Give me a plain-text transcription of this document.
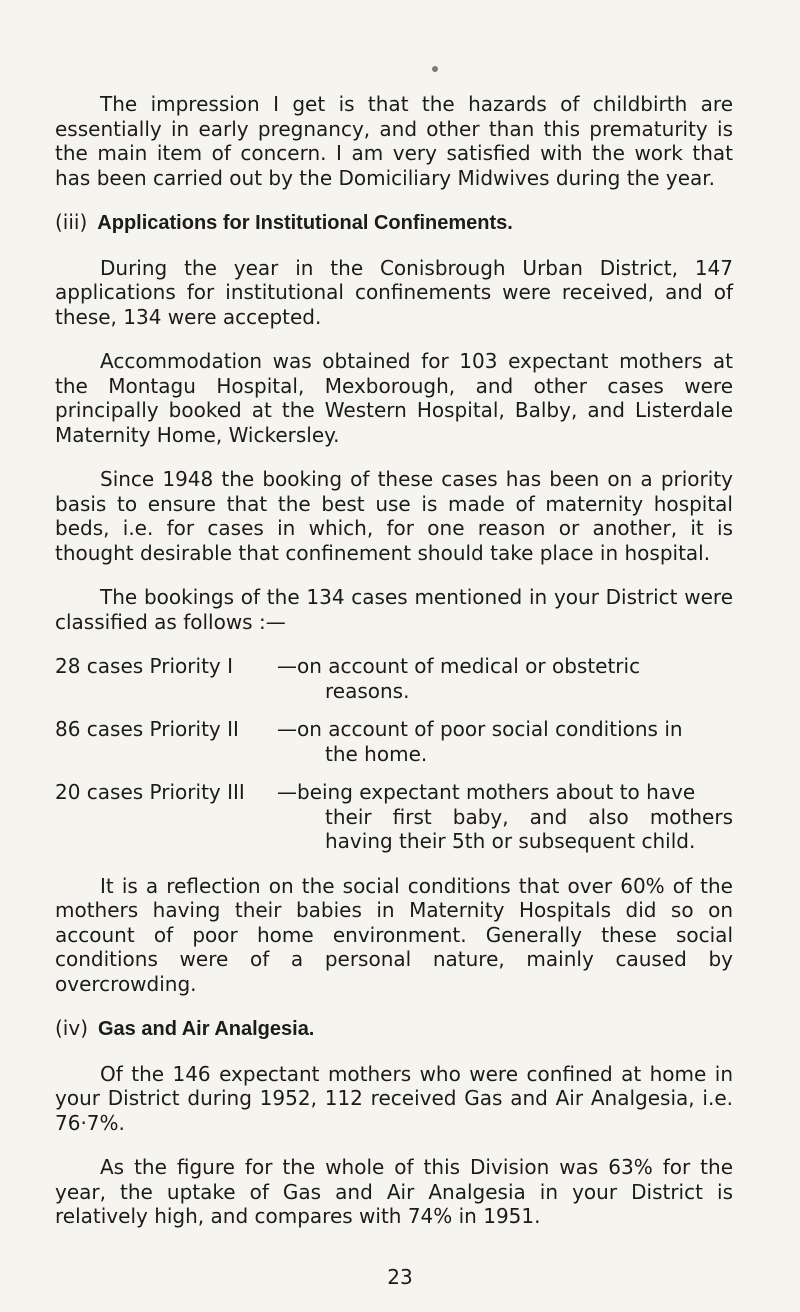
The impression I get is that the hazards of childbirth are essentially in early pregnancy, and other than this prematurity is the main item of concern. I am very satisfied with the work that has been carried out by the Domiciliary Midwives during the year.

(iii) Applications for Institutional Confinements.

During the year in the Conisbrough Urban District, 147 applications for institutional confinements were received, and of these, 134 were accepted.

Accommodation was obtained for 103 expectant mothers at the Montagu Hospital, Mexborough, and other cases were principally booked at the Western Hospital, Balby, and Listerdale Maternity Home, Wickersley.

Since 1948 the booking of these cases has been on a priority basis to ensure that the best use is made of maternity hospital beds, i.e. for cases in which, for one reason or another, it is thought desirable that confinement should take place in hospital.

The bookings of the 134 cases mentioned in your District were classified as follows :—

28 cases Priority I	—on account of medical or obstetric
reasons.
86 cases Priority II	—on account of poor social conditions in
the home.
20 cases Priority III	—being expectant mothers about to have
their first baby, and also mothers having their 5th or subsequent child.

It is a reflection on the social conditions that over 60% of the mothers having their babies in Maternity Hospitals did so on account of poor home environment. Generally these social conditions were of a personal nature, mainly caused by overcrowding.

(iv) Gas and Air Analgesia.

Of the 146 expectant mothers who were confined at home in your District during 1952, 112 received Gas and Air Analgesia, i.e. 76·7%.

As the figure for the whole of this Division was 63% for the year, the uptake of Gas and Air Analgesia in your District is relatively high, and compares with 74% in 1951.

23
